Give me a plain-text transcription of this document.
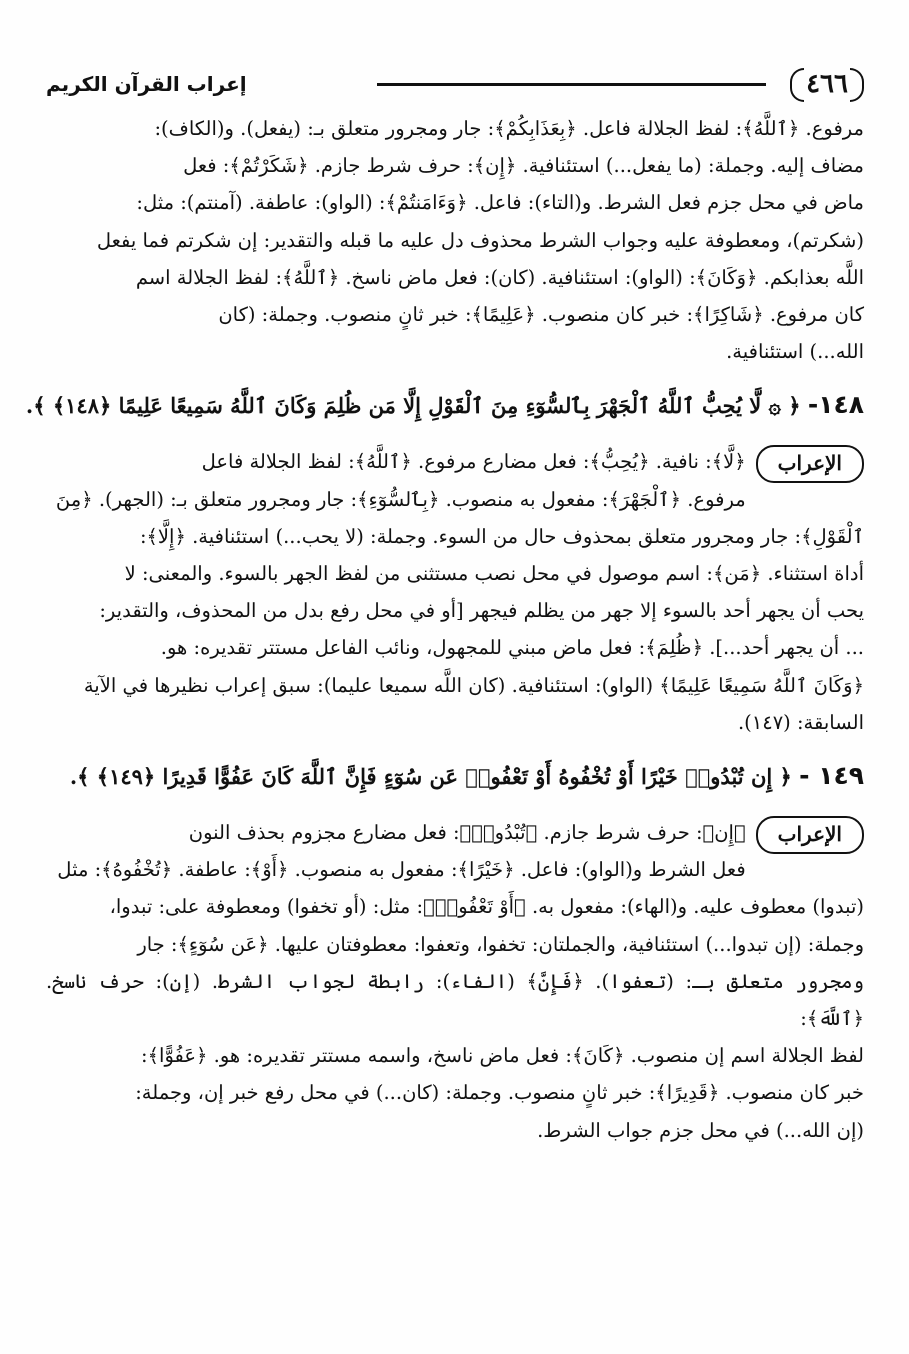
٤٦٦
إعراب القرآن الكريم

مرفوع. ﴿ٱللَّهُ﴾: لفظ الجلالة فاعل. ﴿بِعَذَابِكُمْ﴾: جار ومجرور متعلق بـ: (يفعل). و(الكاف):

مضاف إليه. وجملة: (ما يفعل...) استئنافية. ﴿إِن﴾: حرف شرط جازم. ﴿شَكَرْتُمْ﴾: فعل

ماض في محل جزم فعل الشرط. و(التاء): فاعل. ﴿وَءَامَنتُمْ﴾: (الواو): عاطفة. (آمنتم): مثل:

(شكرتم)، ومعطوفة عليه وجواب الشرط محذوف دل عليه ما قبله والتقدير: إن شكرتم فما يفعل

اللَّه بعذابكم. ﴿وَكَانَ﴾: (الواو): استئنافية. (كان): فعل ماض ناسخ. ﴿ٱللَّهُ﴾: لفظ الجلالة اسم

كان مرفوع. ﴿شَاكِرًا﴾: خبر كان منصوب. ﴿عَلِيمًا﴾: خبر ثانٍ منصوب. وجملة: (كان

الله...) استئنافية.

١٤٨- ﴿ ۞ لَّا يُحِبُّ ٱللَّهُ ٱلْجَهْرَ بِٱلسُّوٓءِ مِنَ ٱلْقَوْلِ إِلَّا مَن ظُلِمَ وَكَانَ ٱللَّهُ سَمِيعًا عَلِيمًا ﴿١٤٨﴾ ﴾.
الإعراب

﴿لَّا﴾: نافية. ﴿يُحِبُّ﴾: فعل مضارع مرفوع. ﴿ٱللَّهُ﴾: لفظ الجلالة فاعل

مرفوع. ﴿ٱلْجَهْرَ﴾: مفعول به منصوب. ﴿بِٱلسُّوٓءِ﴾: جار ومجرور متعلق بـ: (الجهر). ﴿مِنَ

ٱلْقَوْلِ﴾: جار ومجرور متعلق بمحذوف حال من السوء. وجملة: (لا يحب...) استئنافية. ﴿إِلَّا﴾:

أداة استثناء. ﴿مَن﴾: اسم موصول في محل نصب مستثنى من لفظ الجهر بالسوء. والمعنى: لا

يحب أن يجهر أحد بالسوء إلا جهر من يظلم فيجهر [أو في محل رفع بدل من المحذوف، والتقدير:

... أن يجهر أحد...]. ﴿ظُلِمَ﴾: فعل ماض مبني للمجهول، ونائب الفاعل مستتر تقديره: هو.

﴿وَكَانَ ٱللَّهُ سَمِيعًا عَلِيمًا﴾ (الواو): استئنافية. (كان اللَّه سميعا عليما): سبق إعراب نظيرها في الآية

السابقة: (١٤٧).

١٤٩ - ﴿ إِن تُبْدُوا۟ خَيْرًا أَوْ تُخْفُوهُ أَوْ تَعْفُوا۟ عَن سُوٓءٍ فَإِنَّ ٱللَّهَ كَانَ عَفُوًّا قَدِيرًا ﴿١٤٩﴾ ﴾.
الإعراب

﴿إِن﴾: حرف شرط جازم. ﴿تُبْدُوا۟﴾: فعل مضارع مجزوم بحذف النون

فعل الشرط و(الواو): فاعل. ﴿خَيْرًا﴾: مفعول به منصوب. ﴿أَوْ﴾: عاطفة. ﴿تُخْفُوهُ﴾: مثل

(تبدوا) معطوف عليه. و(الهاء): مفعول به. ﴿أَوْ تَعْفُوا۟﴾: مثل: (أو تخفوا) ومعطوفة على: تبدوا،

وجملة: (إن تبدوا...) استئنافية، والجملتان: تخفوا، وتعفوا: معطوفتان عليها. ﴿عَن سُوٓءٍ﴾: جار

ومجرور متعلق بـ: (تعفوا). ﴿فَإِنَّ﴾ (الفاء): رابطة لجواب الشرط. (إن): حرف ناسخ. ﴿ٱللَّهَ﴾:

لفظ الجلالة اسم إن منصوب. ﴿كَانَ﴾: فعل ماض ناسخ، واسمه مستتر تقديره: هو. ﴿عَفُوًّا﴾:

خبر كان منصوب. ﴿قَدِيرًا﴾: خبر ثانٍ منصوب. وجملة: (كان...) في محل رفع خبر إن، وجملة:

(إن الله...) في محل جزم جواب الشرط.
